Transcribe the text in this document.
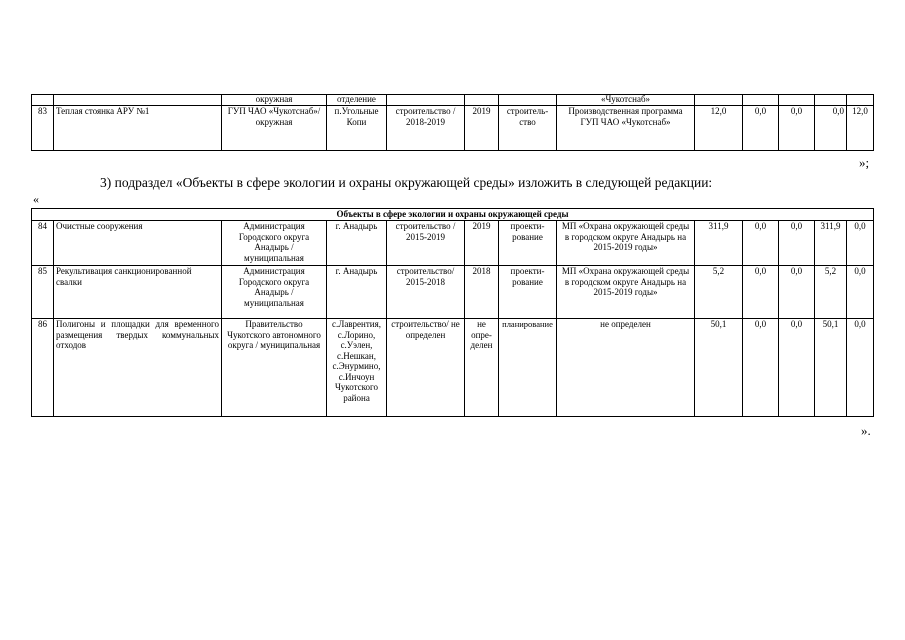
		окружная	отделение				«Чукотснаб»					
83	Теплая стоянка АРУ №1	ГУП ЧАО «Чукотснаб»/ окружная	п.Угольные Копи	строительство / 2018-2019	2019	строитель-ство	Производственная программа ГУП ЧАО «Чукотснаб»	12,0	0,0	0,0	0,0	12,0
»;
3) подраздел «Объекты в сфере экологии и охраны окружающей среды» изложить в следующей редакции:
«
Объекты в сфере экологии и охраны окружающей среды												
84	Очистные сооружения	Администрация Городского округа Анадырь / муниципальная	г. Анадырь	строительство / 2015-2019	2019	проекти-рование	МП «Охрана окружающей среды в городском округе Анадырь на 2015-2019 годы»	311,9	0,0	0,0	311,9	0,0
85	Рекультивация санкционированной свалки	Администрация Городского округа Анадырь / муниципальная	г. Анадырь	строительство/ 2015-2018	2018	проекти-рование	МП «Охрана окружающей среды в городском округе Анадырь на 2015-2019 годы»	5,2	0,0	0,0	5,2	0,0
86	Полигоны и площадки для временного размещения твердых коммунальных отходов	Правительство Чукотского автономного округа / муниципальная	с.Лаврентия, с.Лорино, с.Уэлен, с.Нешкан, с.Энурмино, с.Инчоун Чукотского района	строительство/ не определен	не опре-делен	планирование	не определен	50,1	0,0	0,0	50,1	0,0
».
